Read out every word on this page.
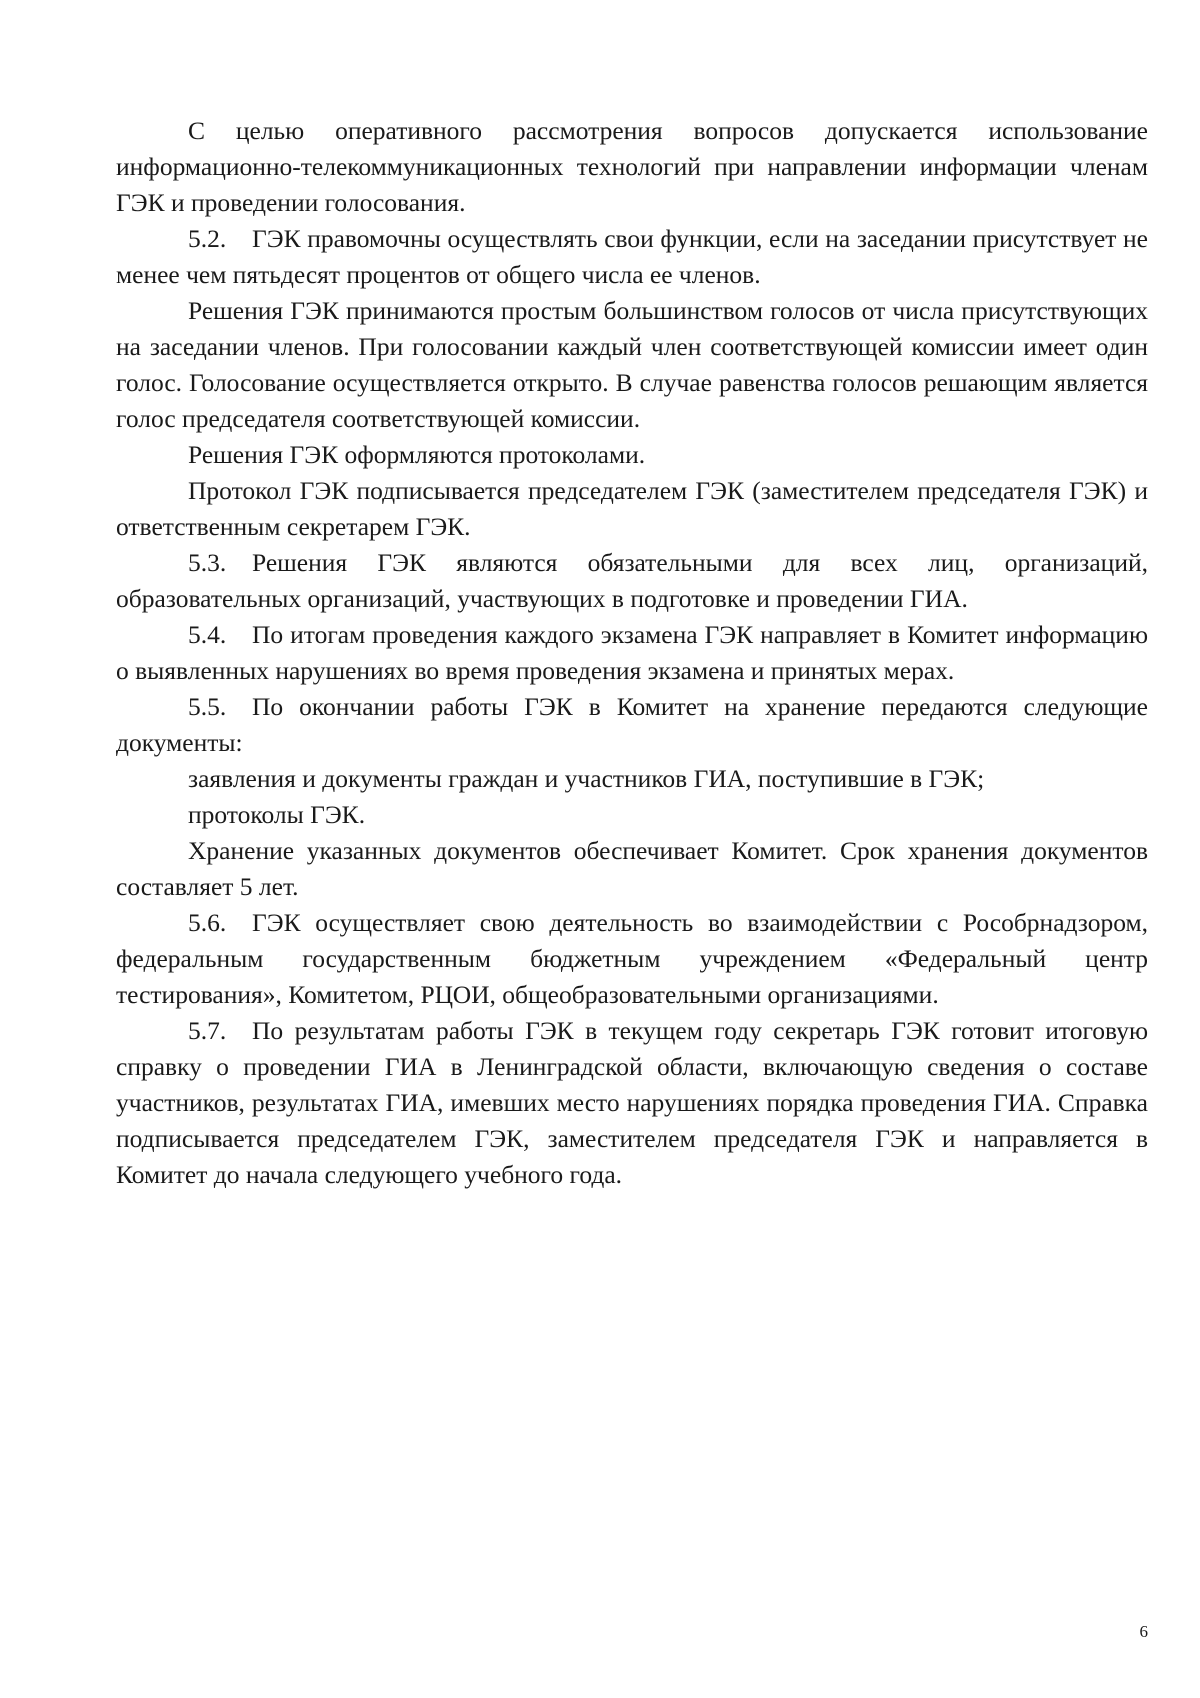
С целью оперативного рассмотрения вопросов допускается использование информационно-телекоммуникационных технологий при направлении информации членам ГЭК и проведении голосования.

5.2. ГЭК правомочны осуществлять свои функции, если на заседании присутствует не менее чем пятьдесят процентов от общего числа ее членов.

Решения ГЭК принимаются простым большинством голосов от числа присутствующих на заседании членов. При голосовании каждый член соответствующей комиссии имеет один голос. Голосование осуществляется открыто. В случае равенства голосов решающим является голос председателя соответствующей комиссии.

Решения ГЭК оформляются протоколами.

Протокол ГЭК подписывается председателем ГЭК (заместителем председателя ГЭК) и ответственным секретарем ГЭК.

5.3. Решения ГЭК являются обязательными для всех лиц, организаций, образовательных организаций, участвующих в подготовке и проведении ГИА.

5.4. По итогам проведения каждого экзамена ГЭК направляет в Комитет информацию о выявленных нарушениях во время проведения экзамена и принятых мерах.

5.5. По окончании работы ГЭК в Комитет на хранение передаются следующие документы:

заявления и документы граждан и участников ГИА, поступившие в ГЭК;

протоколы ГЭК.

Хранение указанных документов обеспечивает Комитет. Срок хранения документов составляет 5 лет.

5.6. ГЭК осуществляет свою деятельность во взаимодействии с Рособрнадзором, федеральным государственным бюджетным учреждением «Федеральный центр тестирования», Комитетом, РЦОИ, общеобразовательными организациями.

5.7. По результатам работы ГЭК в текущем году секретарь ГЭК готовит итоговую справку о проведении ГИА в Ленинградской области, включающую сведения о составе участников, результатах ГИА, имевших место нарушениях порядка проведения ГИА. Справка подписывается председателем ГЭК, заместителем председателя ГЭК и направляется в Комитет до начала следующего учебного года.

6
